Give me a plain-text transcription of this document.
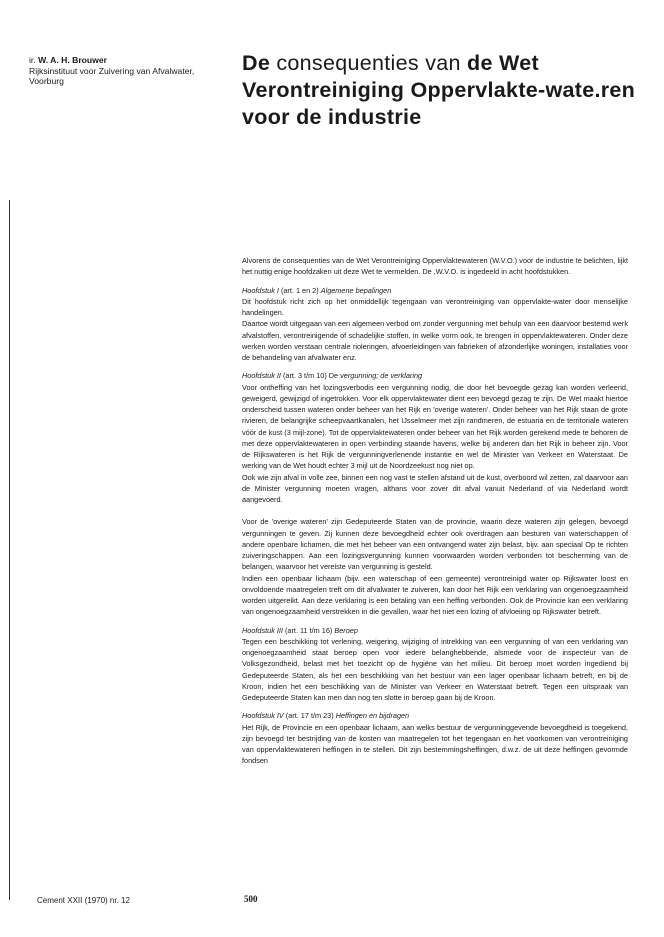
ir. W. A. H. Brouwer
Rijksinstituut voor Zuivering van Afvalwater,
Voorburg
De consequenties van de Wet Verontreiniging Oppervlakte-wate.ren voor de industrie

Alvorens de consequenties van de Wet Verontreiniging Oppervlaktewateren (W.V.O.) voor de industrie te belichten, lijkt het nuttig enige hoofdzaken uit deze Wet te vermelden. De ,W.V.O. is ingedeeld in acht hoofdstukken.

Hoofdstuk I (art. 1 en 2) Algemene bepalingen

Dit hoofdstuk richt zich op het onmiddellijk tegengaan van verontreiniging van oppervlakte-water door menselijke handelingen.

Daartoe wordt uitgegaan van een algemeen verbod om zonder vergunning met behulp van een daarvoor bestemd werk afvalstoffen, verontreinigende of schadelijke stoffen, in welke vorm ook, te brengen in oppervlaktewateren. Onder deze werken worden verstaan centrale rioleringen, afvoerleidingen van fabrieken of afzonderlijke woningen, installaties voor de behandeling van afvalwater enz.

Hoofdstuk II (art. 3 t/m 10) De vergunning; de verklaring

Voor ontheffing van het lozingsverbodis een vergunning nodig, die door het bevoegde gezag kan worden verleend, geweigerd, gewijzigd of ingetrokken. Voor elk oppervlaktewater dient een bevoegd gezag te zijn. De Wet maakt hiertoe onderscheid tussen wateren onder beheer van het Rijk en 'overige wateren'. Onder beheer van het Rijk staan de grote rivieren, de belangrijke scheepvaartkanalen, het IJsselmeer met zijn randmeren, de estuaria en de territoriale wateren vóór de kust (3 mijl-zone). Tot de oppervlaktewateren onder beheer van het Rijk worden gerekend mede te behoren de met deze oppervlaktewateren in open verbinding staande havens, welke bij anderen dan het Rijk in beheer zijn. Voor de Rijkswateren is het Rijk de vergunningverlenende instantie en wel de Minister van Verkeer en Waterstaat. De werking van de Wet houdt echter 3 mijl uit de Noordzeekust nog niet op.

Ook wie zijn afval in volle zee, binnen een nog vast te stellen afstand uit de kust, overboord wil zetten, zal daarvoor aan de Minister vergunning moeten vragen, althans voor zover dit afval vanuit Nederland of via Nederland wordt aangevoerd.

Voor de 'overige wateren' zijn Gedeputeerde Staten van de provincie, waarin deze wateren zijn gelegen, bevoegd vergunningen te geven. Zij kunnen deze bevoegdheid echter ook overdragen aan besturen van waterschappen of andere openbare lichamen, die met het beheer van een ontvangend water zijn belast, bijv. aan speciaal Op te richten zuiveringschappen. Aan een lozingsvergunning kunnen voorwaarden worden verbonden tot bescherming van de belangen, waarvoor het vereiste van vergunning is gesteld.

Indien een openbaar lichaam (bijv. een waterschap of een gemeente) verontreinigd water op Rijkswater loost en onvoldoende maatregelen treft om dit afvalwater te zuiveren, kan door het Rijk een verklaring van ongenoegzaamheid worden uitgereikt. Aan deze verklaring is een betaling van een heffing verbonden. Ook de Provincie kan een verklaring van ongenoegzaamheid verstrekken in die gevallen, waar het niet een lozing of afvloeiing op Rijkswater betreft.

Hoofdstuk III (art. 11 t/m 16) Beroep

Tegen een beschikking tot verlening, weigering, wijziging of intrekking van een vergunning of van een verklaring van ongenoegzaamheid staat beroep open voor iedere belanghebbende, alsmede voor de inspecteur van de Volksgezondheid, belast met het toezicht op de hygiëne van het milieu. Dit beroep moet worden ingediend bij Gedeputeerde Staten, als het een beschikking van het bestuur van een lager openbaar lichaam betreft, en bij de Kroon, indien het een beschikking van de Minister van Verkeer en Waterstaat betreft. Tegen een uitspraak van Gedeputeerde Staten kan men dan nog ten slotte in beroep gaan bij de Kroon.

Hoofdstuk IV (art. 17 t/m 23) Heffingen en bijdragen

Het Rijk, de Provincie en een openbaar lichaam, aan welks bestuur de vergunninggevende bevoegdheid is toegekend, zijn bevoegd ter bestrijding van de kosten van maatregelen tot het tegengaan en het voorkomen van verontreiniging van oppervlaktewateren heffingen in te stellen. Dit zijn bestemmingsheffingen, d.w.z. de uit deze heffingen gevormde fondsen

Cement XXII (1970) nr. 12	500
